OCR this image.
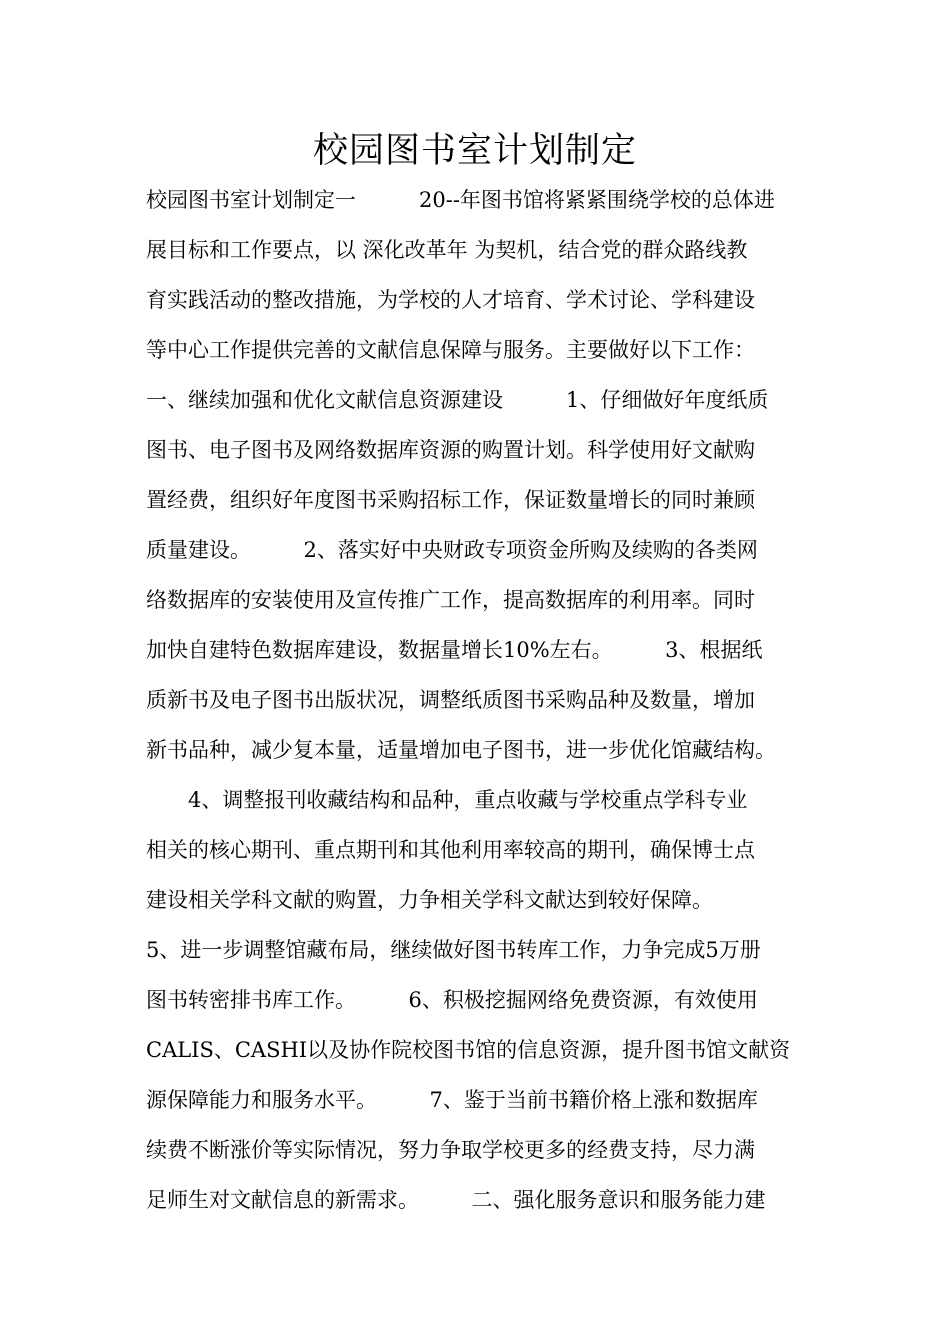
校园图书室计划制定
校园图书室计划制定一　　　20--年图书馆将紧紧围绕学校的总体进
展目标和工作要点，以 深化改革年 为契机，结合党的群众路线教
育实践活动的整改措施，为学校的人才培育、学术讨论、学科建设
等中心工作提供完善的文献信息保障与服务。主要做好以下工作：
一、继续加强和优化文献信息资源建设　　　1、仔细做好年度纸质
图书、电子图书及网络数据库资源的购置计划。科学使用好文献购
置经费，组织好年度图书采购招标工作，保证数量增长的同时兼顾
质量建设。　　　2、落实好中央财政专项资金所购及续购的各类网
络数据库的安装使用及宣传推广工作，提高数据库的利用率。同时
加快自建特色数据库建设，数据量增长10%左右。　　　3、根据纸
质新书及电子图书出版状况，调整纸质图书采购品种及数量，增加
新书品种，减少复本量，适量增加电子图书，进一步优化馆藏结构。
　　4、调整报刊收藏结构和品种，重点收藏与学校重点学科专业
相关的核心期刊、重点期刊和其他利用率较高的期刊，确保博士点
建设相关学科文献的购置，力争相关学科文献达到较好保障。
5、进一步调整馆藏布局，继续做好图书转库工作，力争完成5万册
图书转密排书库工作。　　　6、积极挖掘网络免费资源，有效使用
CALIS、CASHI以及协作院校图书馆的信息资源，提升图书馆文献资
源保障能力和服务水平。　　　7、鉴于当前书籍价格上涨和数据库
续费不断涨价等实际情况，努力争取学校更多的经费支持，尽力满
足师生对文献信息的新需求。　　　二、强化服务意识和服务能力建
